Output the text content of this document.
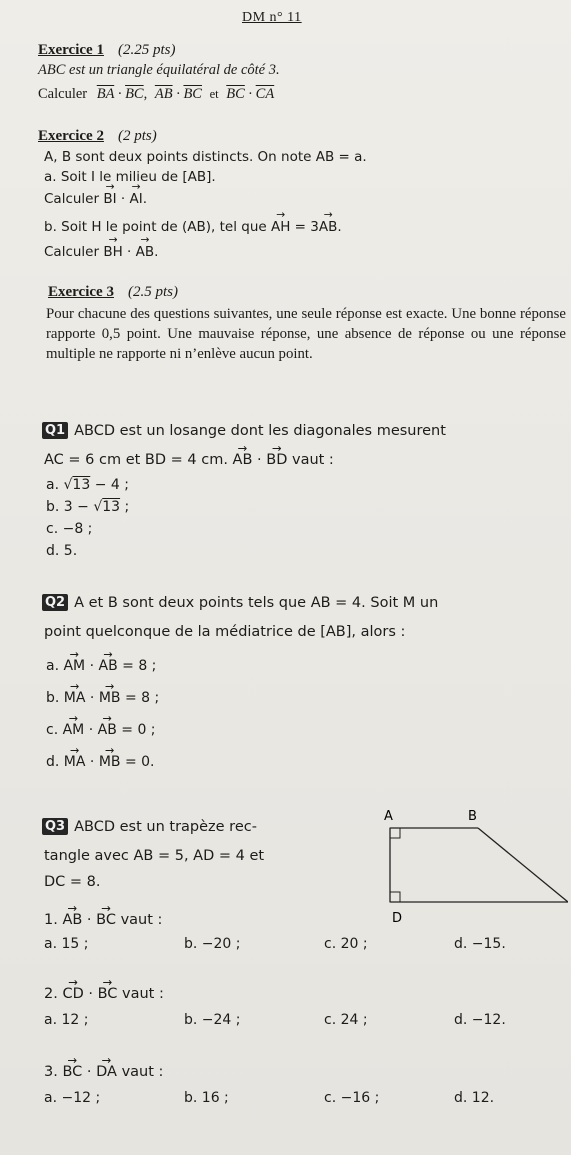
DM n° 11
Exercice 1 (2.25 pts)
ABC est un triangle équilatéral de côté 3.
Calculer $\overline{BA} \cdot \overline{BC}$, $\overline{AB} \cdot \overline{BC}$ et $\overline{BC} \cdot \overline{CA}$
Exercice 2 (2 pts)
A, B sont deux points distincts. On note AB = a.
a. Soit I le milieu de [AB].
Calculer → BI · → AI.
b. Soit H le point de (AB), tel que → AH = 3→ AB.
Calculer → BH · → AB.
Exercice 3 (2.5 pts)
Pour chacune des questions suivantes, une seule réponse est exacte. Une bonne réponse rapporte 0,5 point. Une mauvaise réponse, une absence de réponse ou une réponse multiple ne rapporte ni n’enlève aucun point.
Q1 ABCD est un losange dont les diagonales mesurent
AC = 6 cm et BD = 4 cm. → AB · → BD vaut :
a. √13 − 4 ;
b. 3 − √13 ;
c. −8 ;
d. 5.
Q2 A et B sont deux points tels que AB = 4. Soit M un
point quelconque de la médiatrice de [AB], alors :
a. → AM · → AB = 8 ;
b. → MA · → MB = 8 ;
c. → AM · → AB = 0 ;
d. → MA · → MB = 0.
Q3 ABCD est un trapèze rec-
tangle avec AB = 5, AD = 4 et
DC = 8.
A	B
D
1. → AB · → BC vaut :
a. 15 ;	b. −20 ;	c. 20 ;	d. −15.
2. → CD · → BC vaut :
a. 12 ;	b. −24 ;	c. 24 ;	d. −12.
3. → BC · → DA vaut :
a. −12 ;	b. 16 ;	c. −16 ;	d. 12.
